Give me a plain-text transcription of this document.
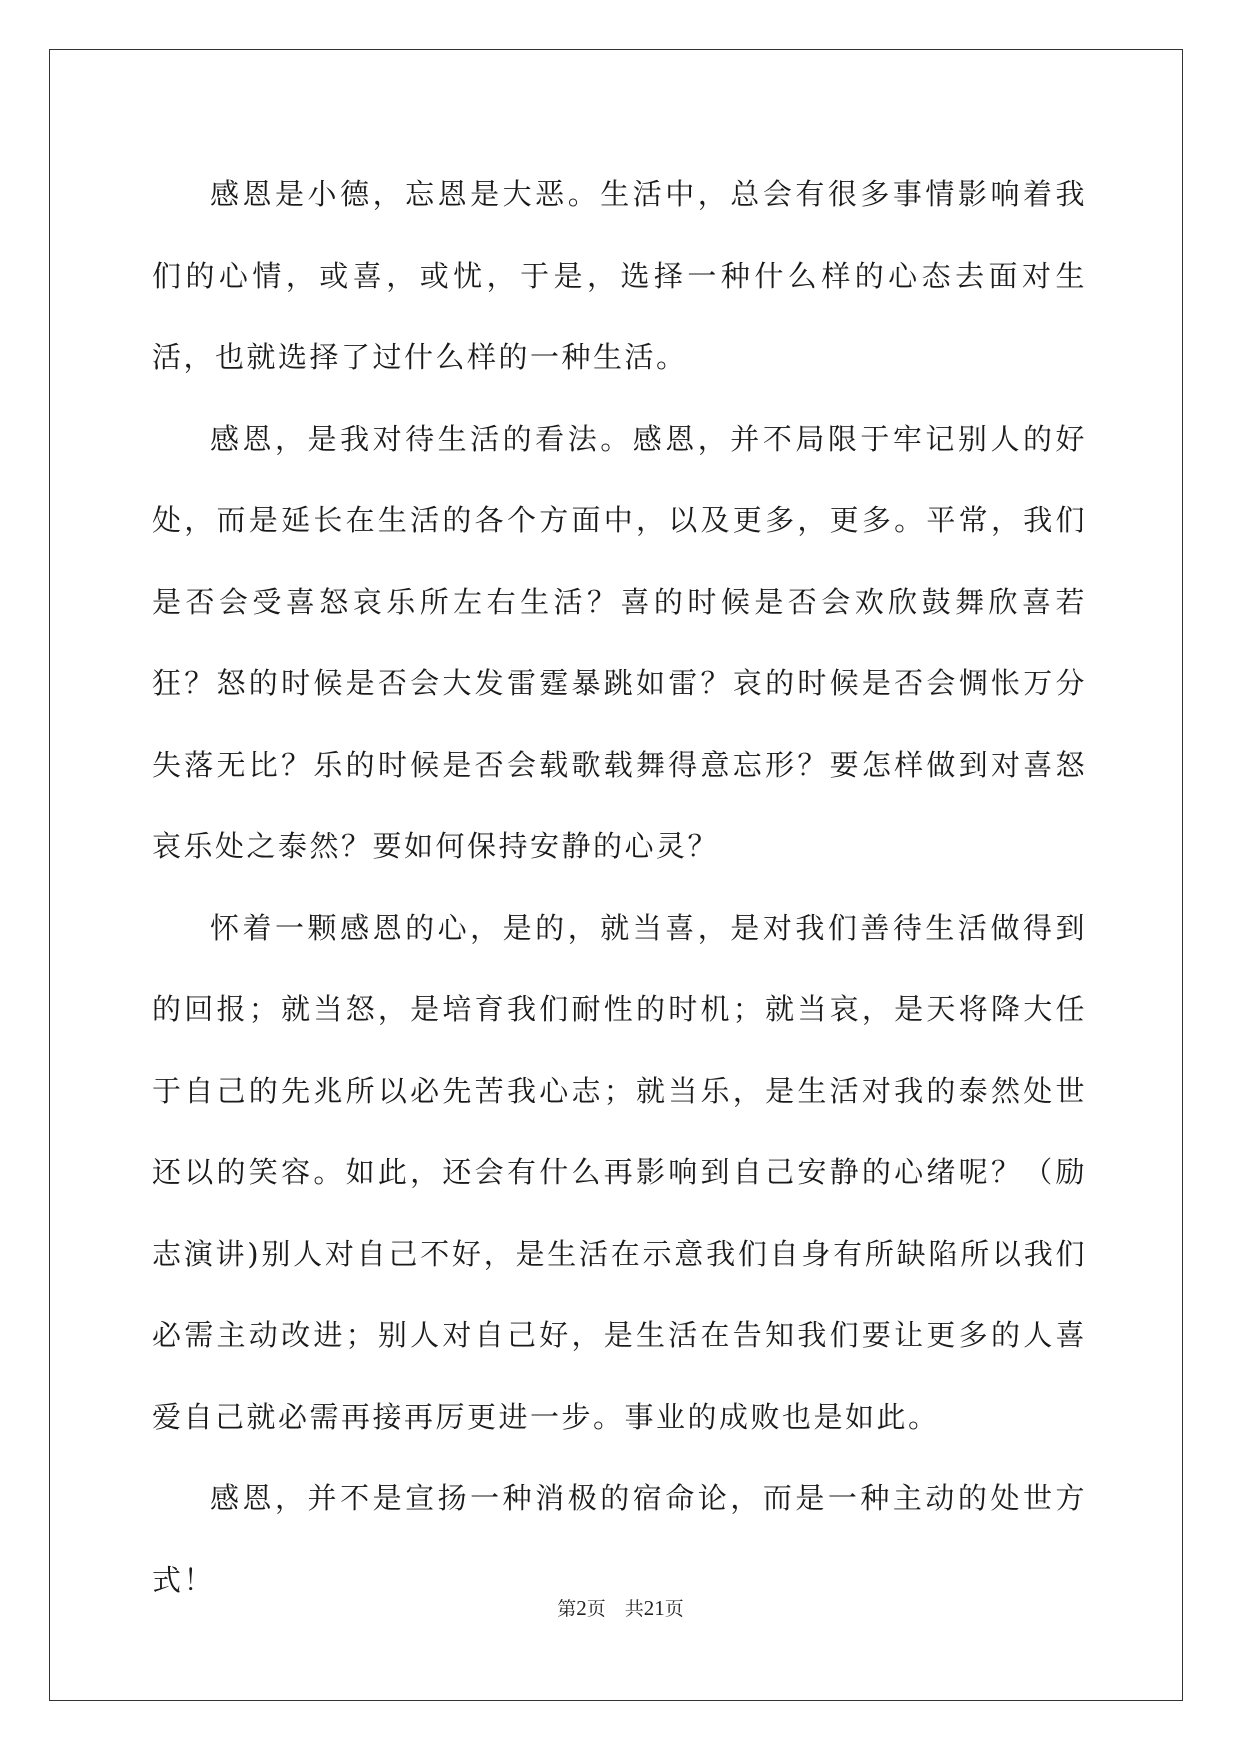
感恩是小德，忘恩是大恶。生活中，总会有很多事情影响着我们的心情，或喜，或忧，于是，选择一种什么样的心态去面对生活，也就选择了过什么样的一种生活。

感恩，是我对待生活的看法。感恩，并不局限于牢记别人的好处，而是延长在生活的各个方面中，以及更多，更多。平常，我们是否会受喜怒哀乐所左右生活？喜的时候是否会欢欣鼓舞欣喜若狂？怒的时候是否会大发雷霆暴跳如雷？哀的时候是否会惆怅万分失落无比？乐的时候是否会载歌载舞得意忘形？要怎样做到对喜怒哀乐处之泰然？要如何保持安静的心灵？

怀着一颗感恩的心，是的，就当喜，是对我们善待生活做得到的回报；就当怒，是培育我们耐性的时机；就当哀，是天将降大任于自己的先兆所以必先苦我心志；就当乐，是生活对我的泰然处世还以的笑容。如此，还会有什么再影响到自己安静的心绪呢？（励志演讲)别人对自己不好，是生活在示意我们自身有所缺陷所以我们必需主动改进；别人对自己好，是生活在告知我们要让更多的人喜爱自己就必需再接再厉更进一步。事业的成败也是如此。

感恩，并不是宣扬一种消极的宿命论，而是一种主动的处世方式！

第2页 共21页
